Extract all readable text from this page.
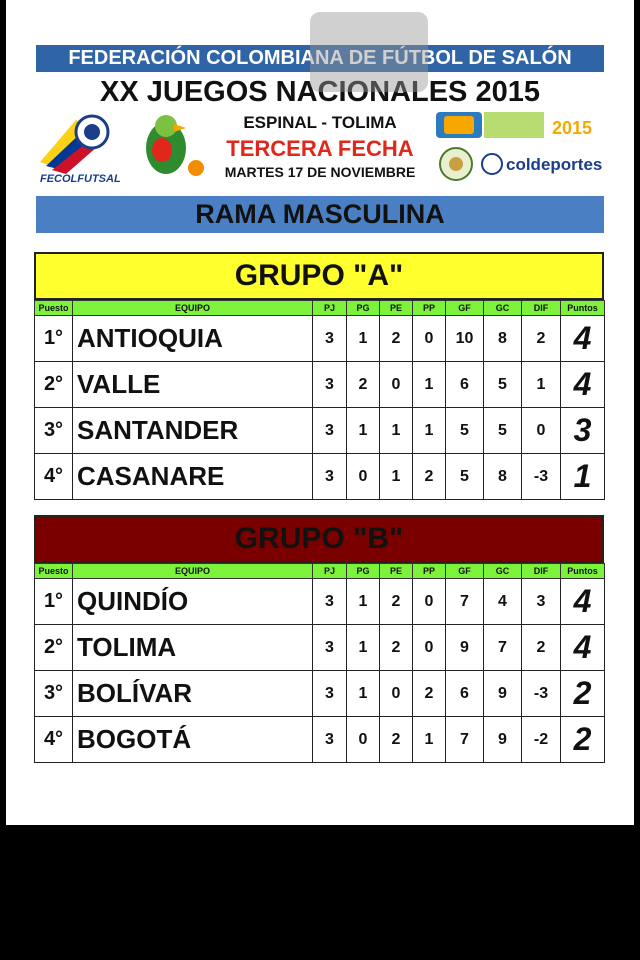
FEDERACIÓN COLOMBIANA DE FÚTBOL DE SALÓN
XX JUEGOS NACIONALES 2015
FECOLFUTSAL
ESPINAL - TOLIMA
TERCERA FECHA
MARTES 17 DE NOVIEMBRE
2015
coldeportes
RAMA MASCULINA
GRUPO "A"
Puesto	EQUIPO	PJ	PG	PE	PP	GF	GC	DIF	Puntos
1°	ANTIOQUIA	3	1	2	0	10	8	2	4
2°	VALLE	3	2	0	1	6	5	1	4
3°	SANTANDER	3	1	1	1	5	5	0	3
4°	CASANARE	3	0	1	2	5	8	-3	1
GRUPO "B"
Puesto	EQUIPO	PJ	PG	PE	PP	GF	GC	DIF	Puntos
1°	QUINDÍO	3	1	2	0	7	4	3	4
2°	TOLIMA	3	1	2	0	9	7	2	4
3°	BOLÍVAR	3	1	0	2	6	9	-3	2
4°	BOGOTÁ	3	0	2	1	7	9	-2	2
